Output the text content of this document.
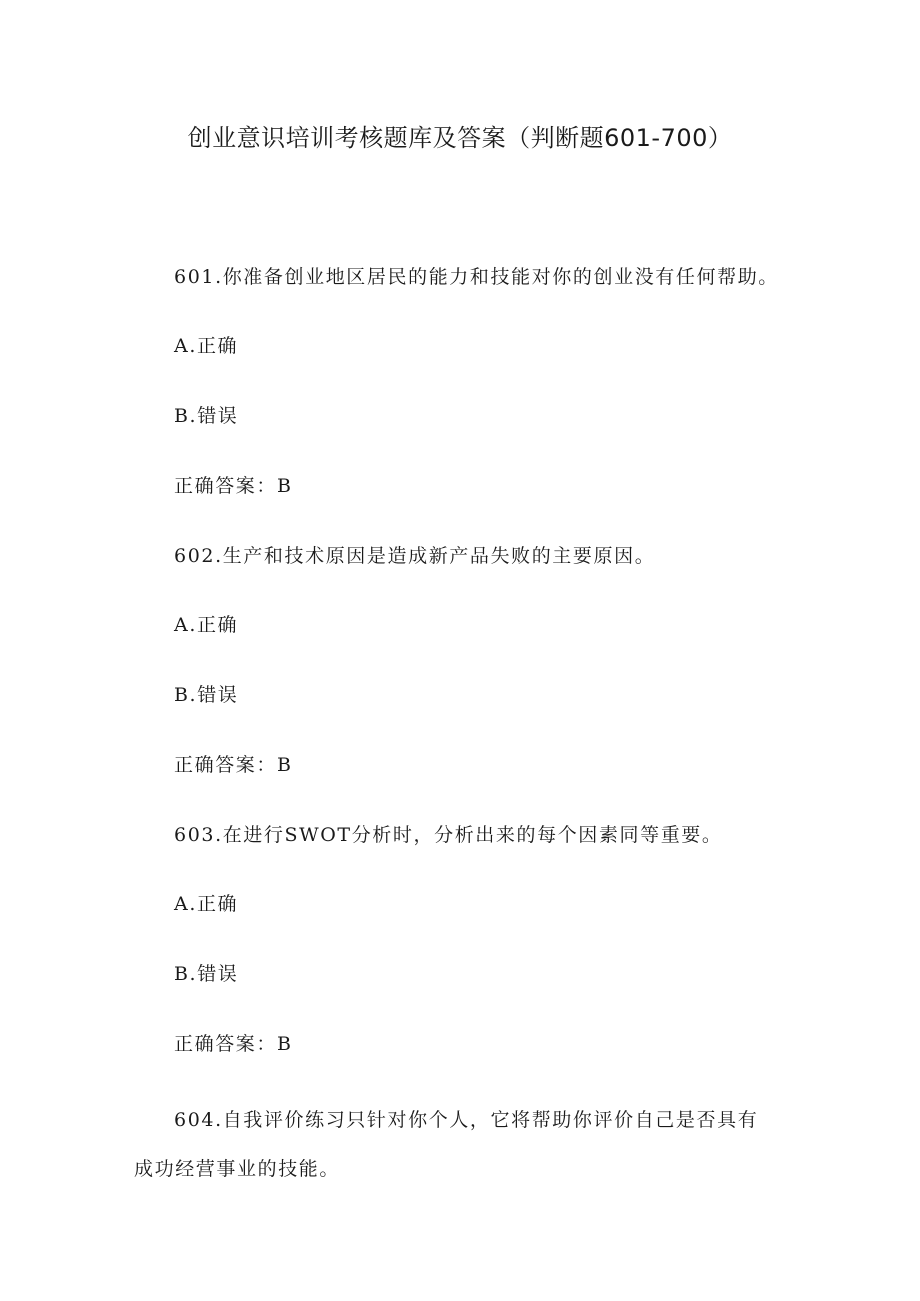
创业意识培训考核题库及答案（判断题601-700）
601.你准备创业地区居民的能力和技能对你的创业没有任何帮助。
A.正确
B.错误
正确答案：B
602.生产和技术原因是造成新产品失败的主要原因。
A.正确
B.错误
正确答案：B
603.在进行SWOT分析时，分析出来的每个因素同等重要。
A.正确
B.错误
正确答案：B
604.自我评价练习只针对你个人，它将帮助你评价自己是否具有
成功经营事业的技能。
